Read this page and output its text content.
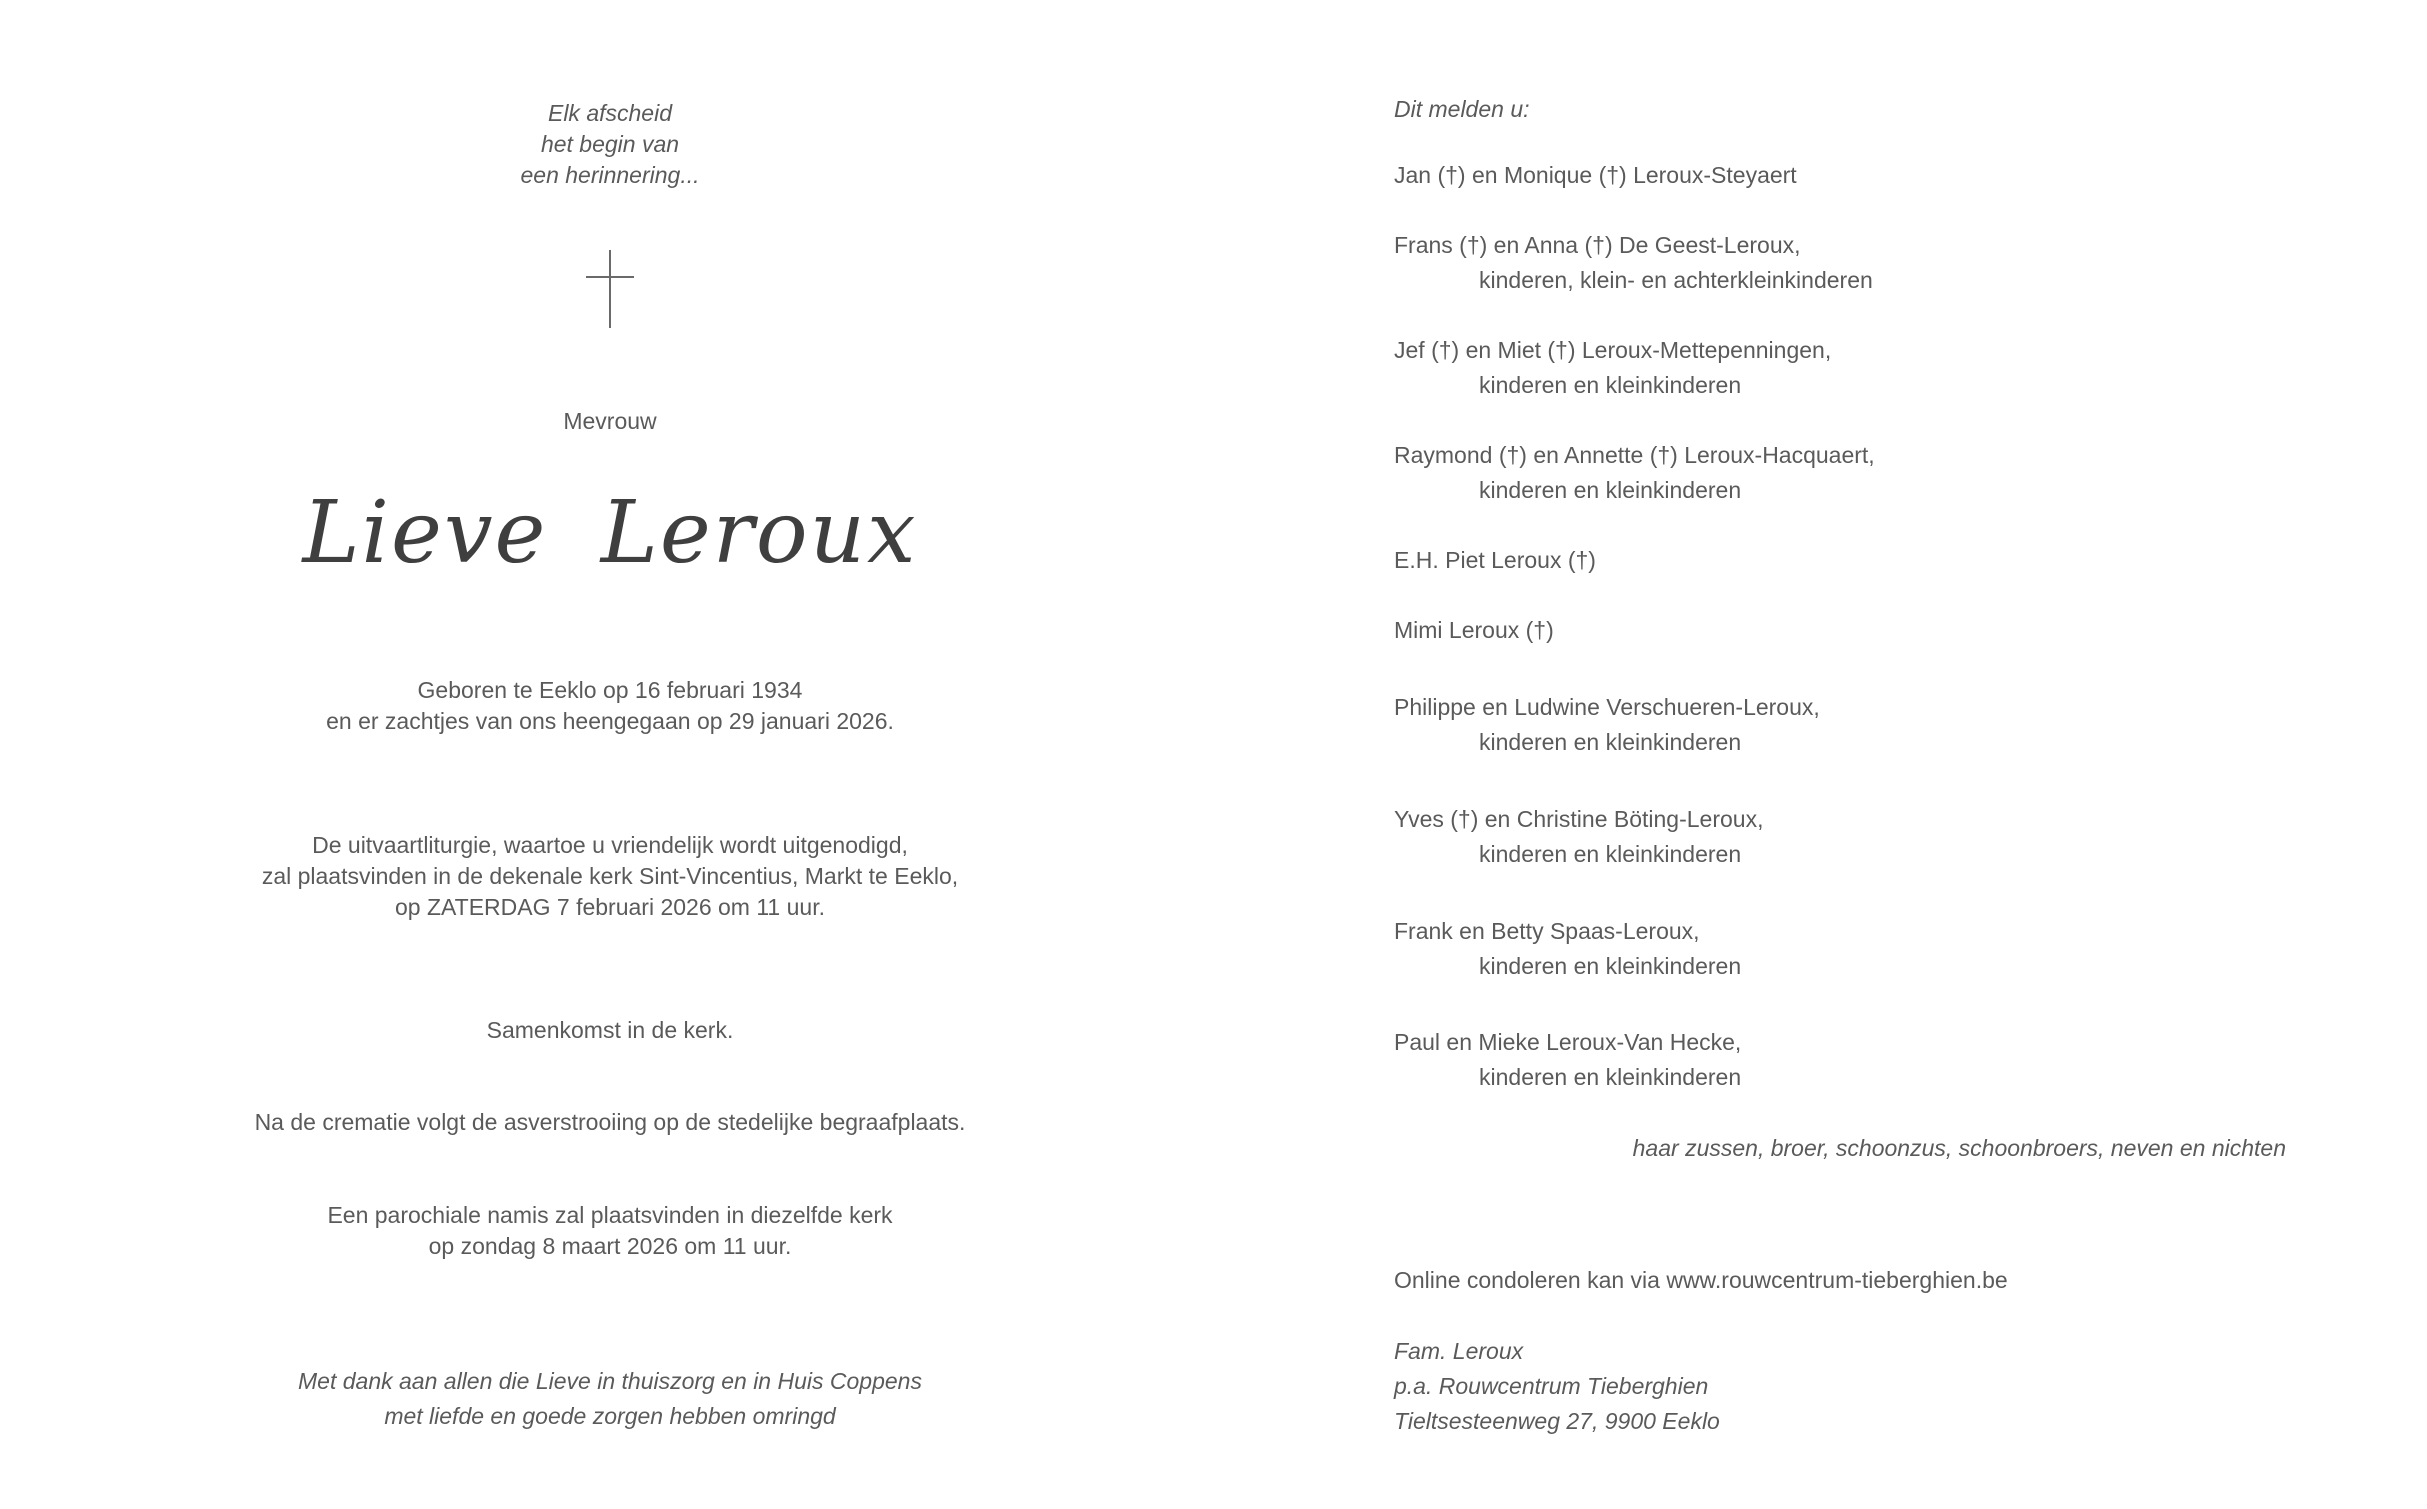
Elk afscheid
het begin van
een herinnering...
Mevrouw
Lieve Leroux
Geboren te Eeklo op 16 februari 1934
en er zachtjes van ons heengegaan op 29 januari 2026.
De uitvaartliturgie, waartoe u vriendelijk wordt uitgenodigd,
zal plaatsvinden in de dekenale kerk Sint-Vincentius, Markt te Eeklo,
op ZATERDAG 7 februari 2026 om 11 uur.
Samenkomst in de kerk.
Na de crematie volgt de asverstrooiing op de stedelijke begraafplaats.
Een parochiale namis zal plaatsvinden in diezelfde kerk
op zondag 8 maart 2026 om 11 uur.
Met dank aan allen die Lieve in thuiszorg en in Huis Coppens
met liefde en goede zorgen hebben omringd
Dit melden u:
Jan (†) en Monique (†) Leroux-Steyaert
Frans (†) en Anna (†) De Geest-Leroux,
kinderen, klein- en achterkleinkinderen
Jef (†) en Miet (†) Leroux-Mettepenningen,
kinderen en kleinkinderen
Raymond (†) en Annette (†) Leroux-Hacquaert,
kinderen en kleinkinderen
E.H. Piet Leroux (†)
Mimi Leroux (†)
Philippe en Ludwine Verschueren-Leroux,
kinderen en kleinkinderen
Yves (†) en Christine Böting-Leroux,
kinderen en kleinkinderen
Frank en Betty Spaas-Leroux,
kinderen en kleinkinderen
Paul en Mieke Leroux-Van Hecke,
kinderen en kleinkinderen
haar zussen, broer, schoonzus, schoonbroers, neven en nichten
Online condoleren kan via www.rouwcentrum-tieberghien.be
Fam. Leroux
p.a. Rouwcentrum Tieberghien
Tieltsesteenweg 27, 9900 Eeklo
